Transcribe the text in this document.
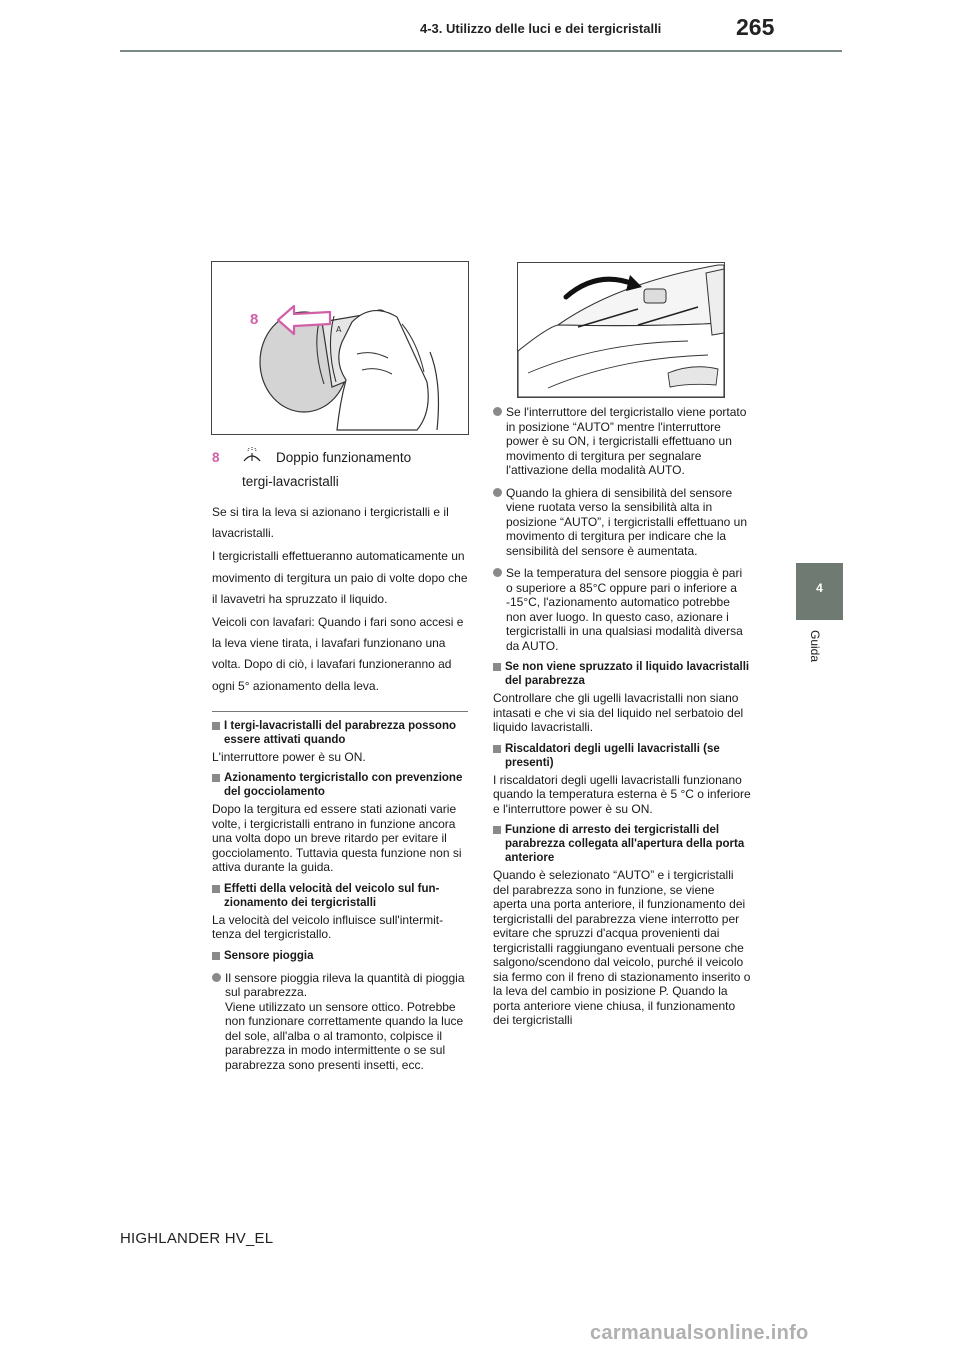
4-3. Utilizzo delle luci e dei tergicristalli	265
4
Guida
A
8
8	Doppio funzionamento
tergi-lavacristalli

Se si tira la leva si azionano i tergicristalli e il lavacristalli.

I tergicristalli effettueranno automaticamente un movimento di tergitura un paio di volte dopo che il lavavetri ha spruzzato il liquido.

Veicoli con lavafari: Quando i fari sono accesi e la leva viene tirata, i lavafari funzionano una volta. Dopo di ciò, i lavafari funzioneranno ad ogni 5° azionamento della leva.

I tergi-lavacristalli del parabrezza possono essere attivati quando

L'interruttore power è su ON.

Azionamento tergicristallo con prevenzione del gocciolamento

Dopo la tergitura ed essere stati azionati varie volte, i tergicristalli entrano in funzione ancora una volta dopo un breve ritardo per evitare il gocciolamento. Tuttavia questa funzione non si attiva durante la guida.

Effetti della velocità del veicolo sul funzionamento dei tergicristalli

La velocità del veicolo influisce sull'intermittenza del tergicristallo.

Sensore pioggia
Il sensore pioggia rileva la quantità di pioggia sul parabrezza.
Viene utilizzato un sensore ottico. Potrebbe non funzionare correttamente quando la luce del sole, all'alba o al tramonto, colpisce il parabrezza in modo intermittente o se sul parabrezza sono presenti insetti, ecc.
Se l'interruttore del tergicristallo viene portato in posizione “AUTO” mentre l'interruttore power è su ON, i tergicristalli effettuano un movimento di tergitura per segnalare l'attivazione della modalità AUTO.
Quando la ghiera di sensibilità del sensore viene ruotata verso la sensibilità alta in posizione “AUTO”, i tergicristalli effettuano un movimento di tergitura per indicare che la sensibilità del sensore è aumentata.
Se la temperatura del sensore pioggia è pari o superiore a 85°C oppure pari o inferiore a -15°C, l'azionamento automatico potrebbe non aver luogo. In questo caso, azionare i tergicristalli in una qualsiasi modalità diversa da AUTO.
Se non viene spruzzato il liquido lavacristalli del parabrezza

Controllare che gli ugelli lavacristalli non siano intasati e che vi sia del liquido nel serbatoio del liquido lavacristalli.

Riscaldatori degli ugelli lavacristalli (se presenti)

I riscaldatori degli ugelli lavacristalli funzionano quando la temperatura esterna è 5 °C o inferiore e l'interruttore power è su ON.

Funzione di arresto dei tergicristalli del parabrezza collegata all'apertura della porta anteriore

Quando è selezionato “AUTO” e i tergicristalli del parabrezza sono in funzione, se viene aperta una porta anteriore, il funzionamento dei tergicristalli del parabrezza viene interrotto per evitare che spruzzi d'acqua provenienti dai tergicristalli raggiungano eventuali persone che salgono/scendono dal veicolo, purché il veicolo sia fermo con il freno di stazionamento inserito o la leva del cambio in posizione P. Quando la porta anteriore viene chiusa, il funzionamento dei tergicristalli

HIGHLANDER HV_EL
carmanualsonline.info
